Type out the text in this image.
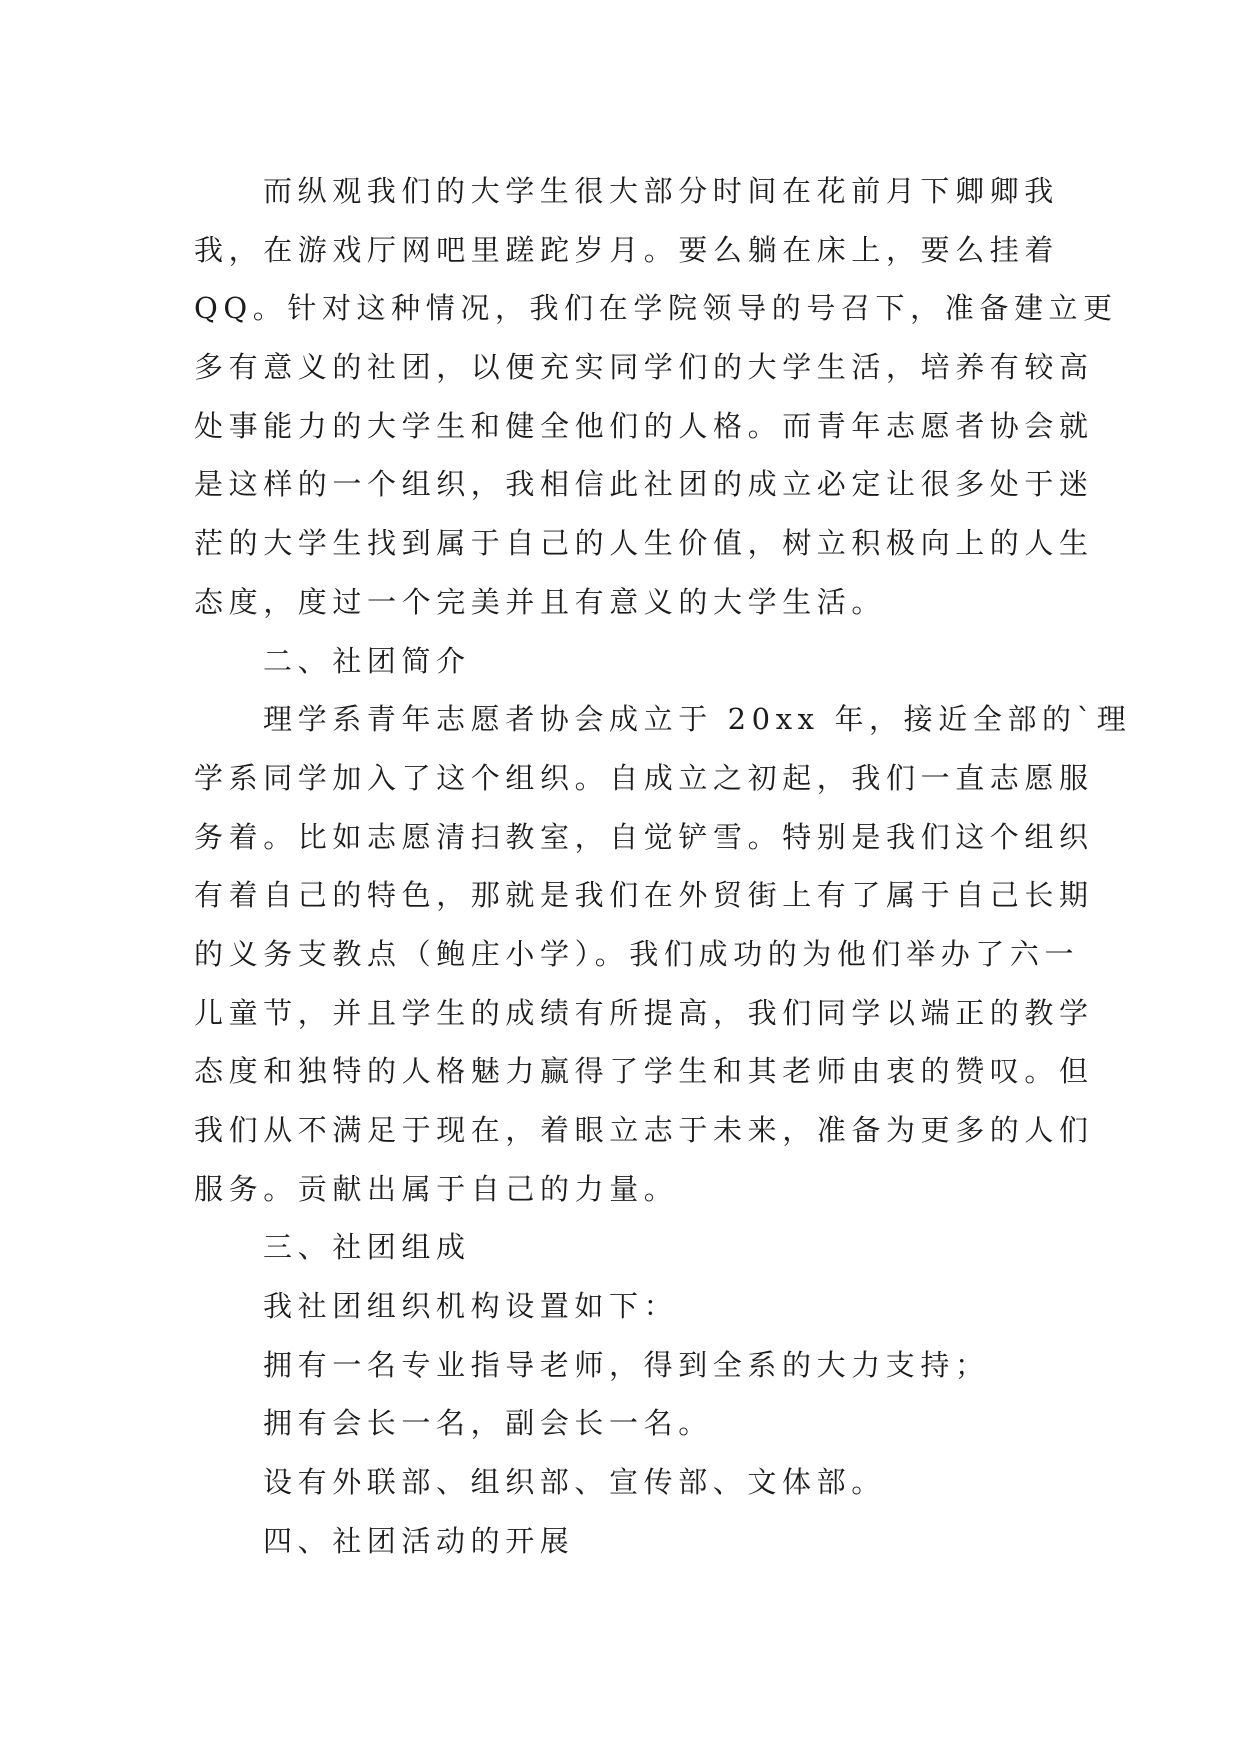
而纵观我们的大学生很大部分时间在花前月下卿卿我
我，在游戏厅网吧里蹉跎岁月。要么躺在床上，要么挂着
QQ。针对这种情况，我们在学院领导的号召下，准备建立更
多有意义的社团，以便充实同学们的大学生活，培养有较高
处事能力的大学生和健全他们的人格。而青年志愿者协会就
是这样的一个组织，我相信此社团的成立必定让很多处于迷
茫的大学生找到属于自己的人生价值，树立积极向上的人生
态度，度过一个完美并且有意义的大学生活。
二、社团简介
理学系青年志愿者协会成立于 20xx 年，接近全部的`理
学系同学加入了这个组织。自成立之初起，我们一直志愿服
务着。比如志愿清扫教室，自觉铲雪。特别是我们这个组织
有着自己的特色，那就是我们在外贸街上有了属于自己长期
的义务支教点（鲍庄小学）。我们成功的为他们举办了六一
儿童节，并且学生的成绩有所提高，我们同学以端正的教学
态度和独特的人格魅力赢得了学生和其老师由衷的赞叹。但
我们从不满足于现在，着眼立志于未来，准备为更多的人们
服务。贡献出属于自己的力量。
三、社团组成
我社团组织机构设置如下：
拥有一名专业指导老师，得到全系的大力支持；
拥有会长一名，副会长一名。
设有外联部、组织部、宣传部、文体部。
四、社团活动的开展
